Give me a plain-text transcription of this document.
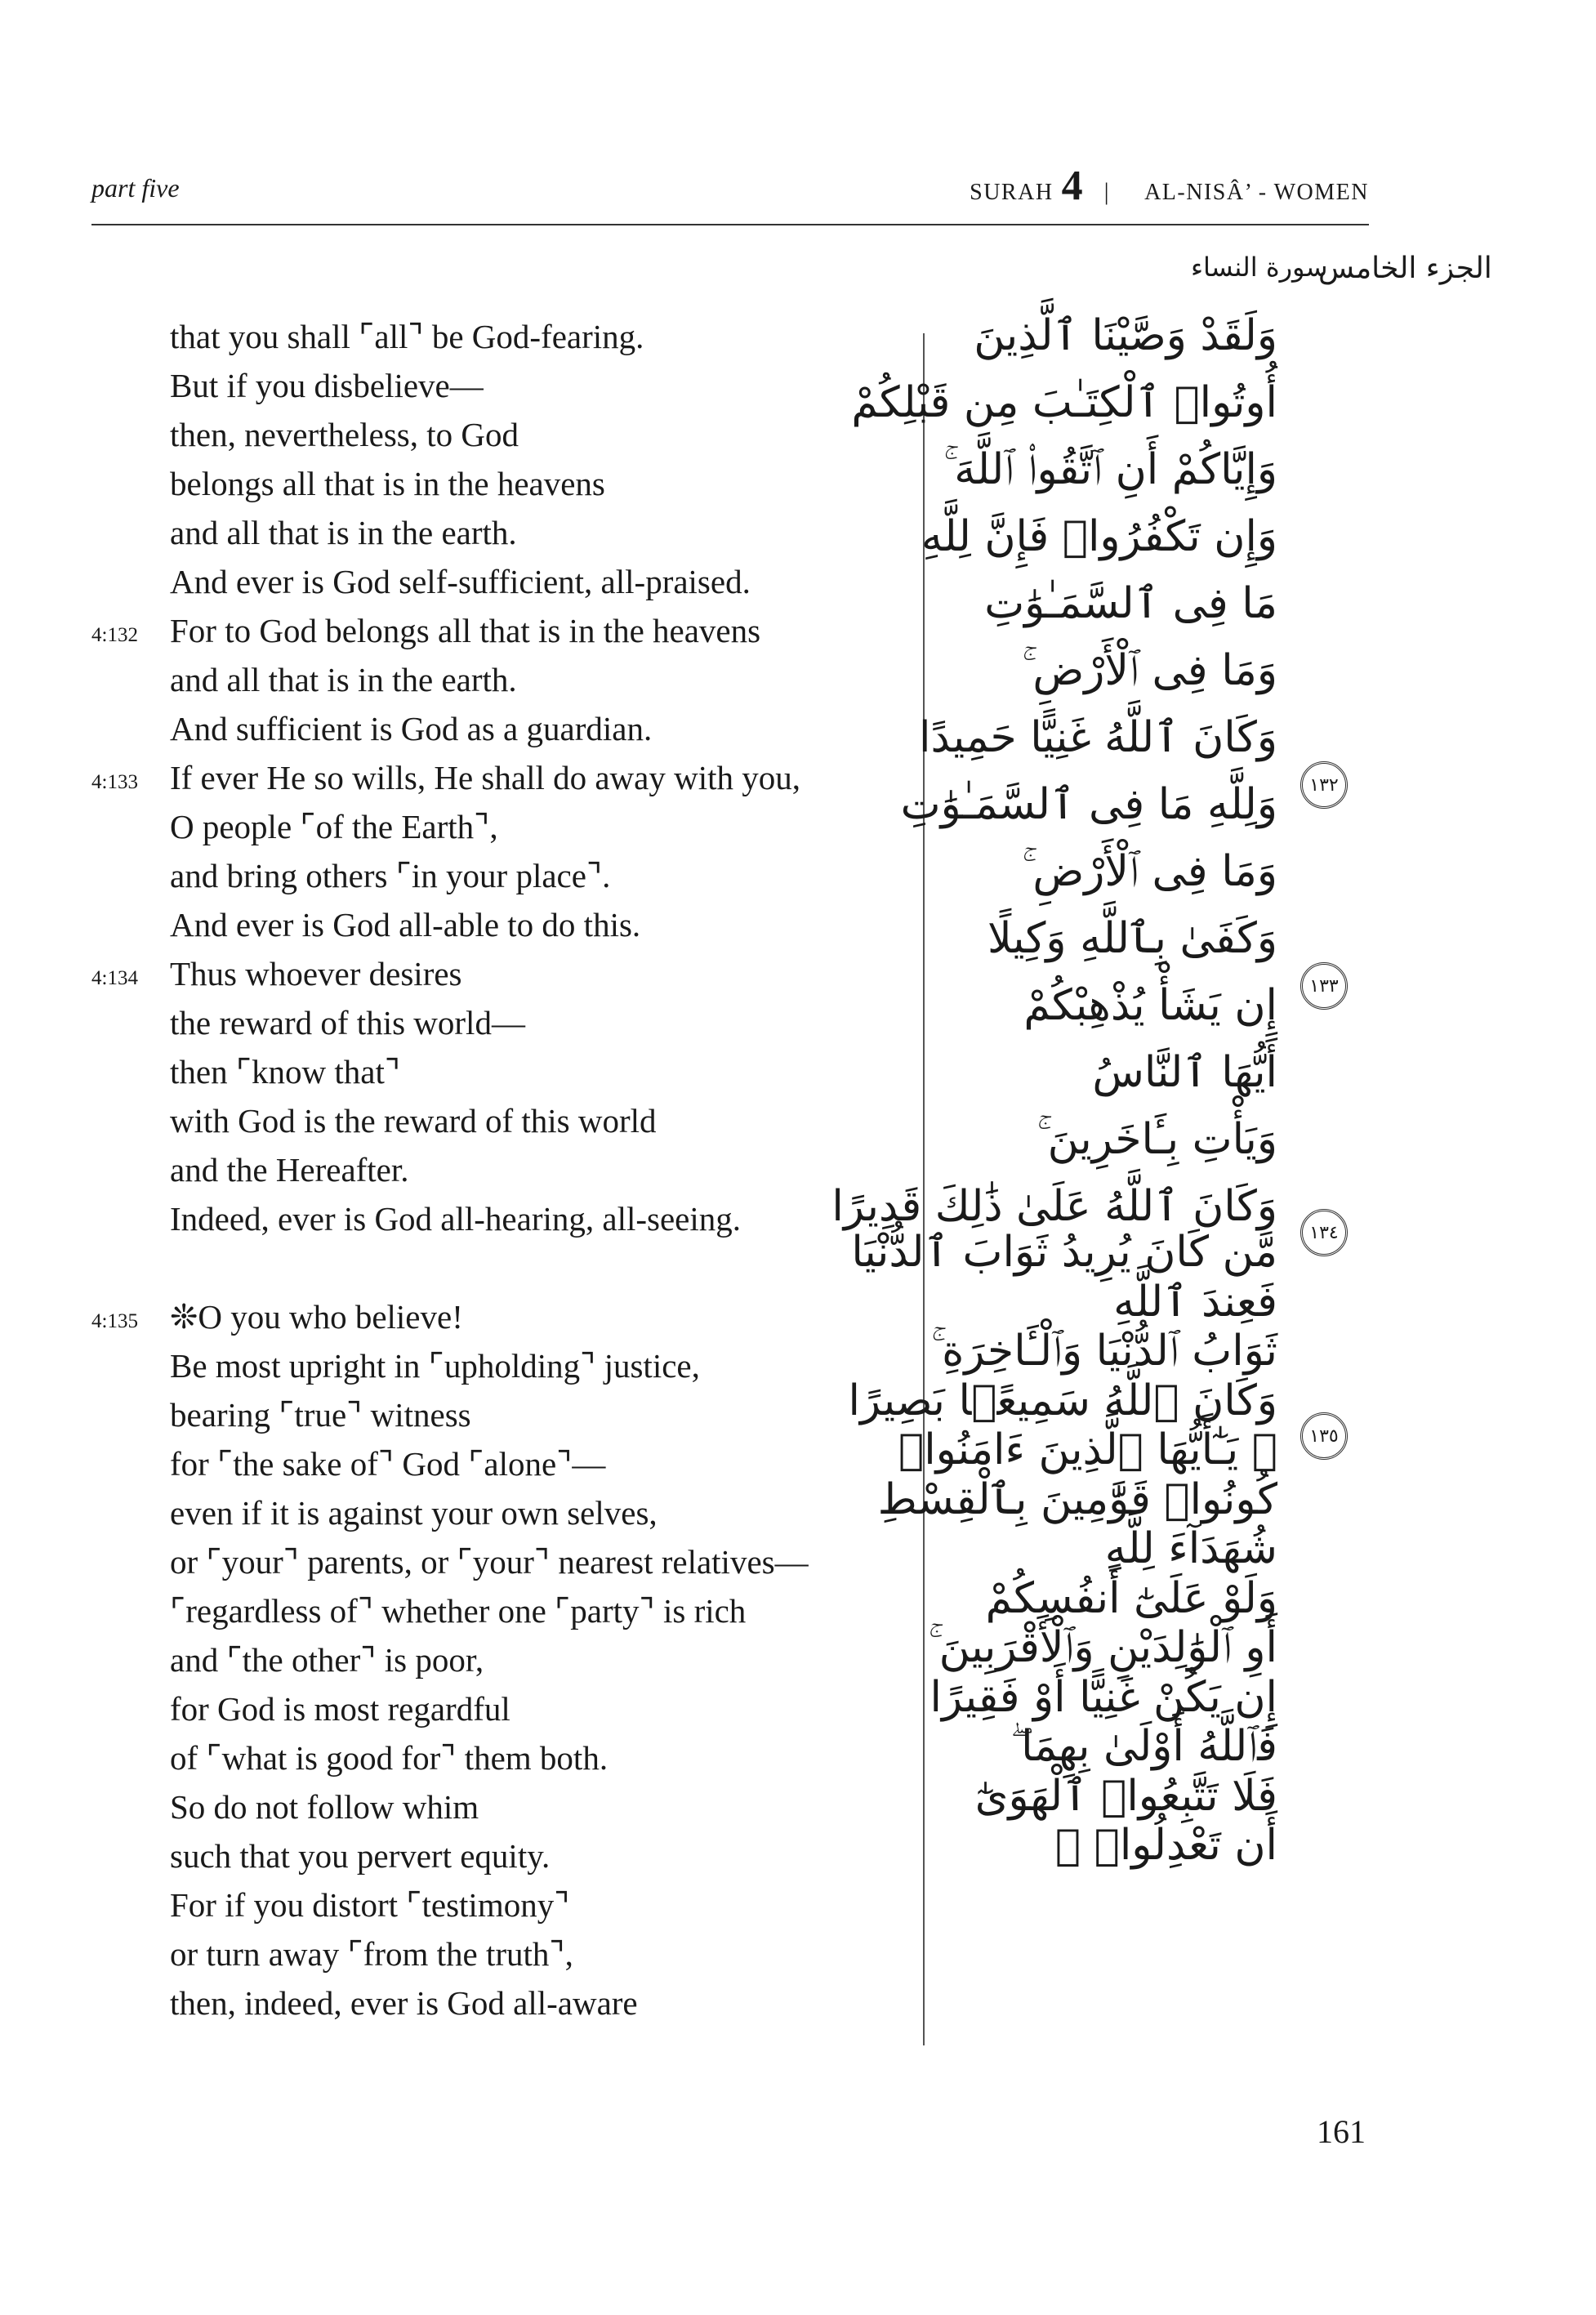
part five	SURAH 4 | AL-NISÂ’ - WOMEN
الجزء الخامس
سورة النساء
that you shall ⌜all⌝ be God-fearing.
But if you disbelieve—
then, nevertheless, to God
belongs all that is in the heavens
and all that is in the earth.
And ever is God self-sufficient, all-praised.
4:132 For to God belongs all that is in the heavens
and all that is in the earth.
And sufficient is God as a guardian.
4:133 If ever He so wills, He shall do away with you,
O people ⌜of the Earth⌝,
and bring others ⌜in your place⌝.
And ever is God all-able to do this.
4:134 Thus whoever desires
the reward of this world—
then ⌜know that⌝
with God is the reward of this world
and the Hereafter.
Indeed, ever is God all-hearing, all-seeing.
4:135 ❊O you who believe!
Be most upright in ⌜upholding⌝ justice,
bearing ⌜true⌝ witness
for ⌜the sake of⌝ God ⌜alone⌝—
even if it is against your own selves,
or ⌜your⌝ parents, or ⌜your⌝ nearest relatives—
⌜regardless of⌝ whether one ⌜party⌝ is rich
and ⌜the other⌝ is poor,
for God is most regardful
of ⌜what is good for⌝ them both.
So do not follow whim
such that you pervert equity.
For if you distort ⌜testimony⌝
or turn away ⌜from the truth⌝,
then, indeed, ever is God all-aware
وَلَقَدْ وَصَّيْنَا ٱلَّذِينَ
أُوتُوا۟ ٱلْكِتَـٰبَ مِن قَبْلِكُمْ
وَإِيَّاكُمْ أَنِ ٱتَّقُوا۟ ٱللَّهَ ۚ
وَإِن تَكْفُرُوا۟ فَإِنَّ لِلَّهِ
مَا فِى ٱلسَّمَـٰوَٰتِ
وَمَا فِى ٱلْأَرْضِ ۚ
وَكَانَ ٱللَّهُ غَنِيًّا حَمِيدًا
١٣٢
وَلِلَّهِ مَا فِى ٱلسَّمَـٰوَٰتِ
وَمَا فِى ٱلْأَرْضِ ۚ
وَكَفَىٰ بِٱللَّهِ وَكِيلًا
١٣٣
إِن يَشَأْ يُذْهِبْكُمْ
أَيُّهَا ٱلنَّاسُ
وَيَأْتِ بِـَٔاخَرِينَ ۚ
وَكَانَ ٱللَّهُ عَلَىٰ ذَٰلِكَ قَدِيرًا
١٣٤
مَّن كَانَ يُرِيدُ ثَوَابَ ٱلدُّنْيَا
فَعِندَ ٱللَّهِ
ثَوَابُ ٱلدُّنْيَا وَٱلْـَٔاخِرَةِ ۚ
وَكَانَ ٱللَّهُ سَمِيعًۢا بَصِيرًا
۞ يَـٰٓأَيُّهَا ٱلَّذِينَ ءَامَنُوا۟	١٣٥
كُونُوا۟ قَوَّٰمِينَ بِٱلْقِسْطِ
شُهَدَآءَ لِلَّهِ
وَلَوْ عَلَىٰٓ أَنفُسِكُمْ
أَوِ ٱلْوَٰلِدَيْنِ وَٱلْأَقْرَبِينَ ۚ
إِن يَكُنْ غَنِيًّا أَوْ فَقِيرًا
فَٱللَّهُ أَوْلَىٰ بِهِمَا ۖ
فَلَا تَتَّبِعُوا۟ ٱلْهَوَىٰٓ
أَن تَعْدِلُوا۟ ۚ
161
